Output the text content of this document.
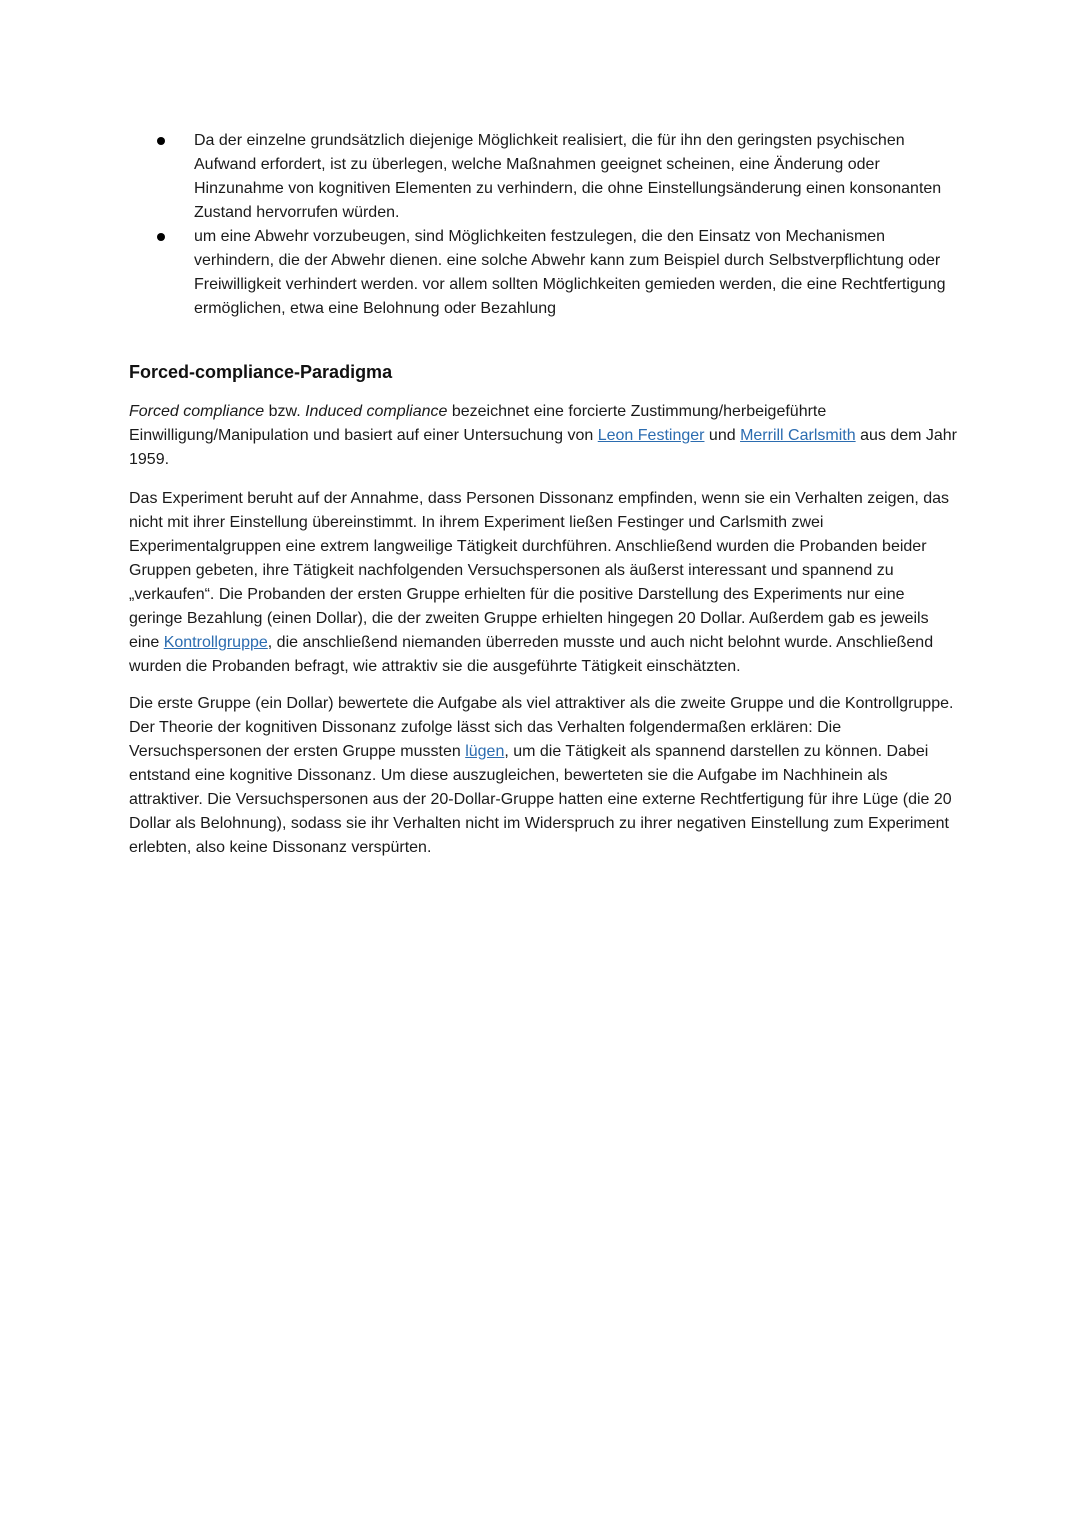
Da der einzelne grundsätzlich diejenige Möglichkeit realisiert, die für ihn den geringsten psychischen Aufwand erfordert, ist zu überlegen, welche Maßnahmen geeignet scheinen, eine Änderung oder Hinzunahme von kognitiven Elementen zu verhindern, die ohne Einstellungsänderung einen konsonanten Zustand hervorrufen würden.
um eine Abwehr vorzubeugen, sind Möglichkeiten festzulegen, die den Einsatz von Mechanismen verhindern, die der Abwehr dienen. eine solche Abwehr kann zum Beispiel durch Selbstverpflichtung oder Freiwilligkeit verhindert werden. vor allem sollten Möglichkeiten gemieden werden, die eine Rechtfertigung ermöglichen, etwa eine Belohnung oder Bezahlung
Forced-compliance-Paradigma

Forced compliance bzw. Induced compliance bezeichnet eine forcierte Zustimmung/herbeigeführte Einwilligung/Manipulation und basiert auf einer Untersuchung von Leon Festinger und Merrill Carlsmith aus dem Jahr 1959.

Das Experiment beruht auf der Annahme, dass Personen Dissonanz empfinden, wenn sie ein Verhalten zeigen, das nicht mit ihrer Einstellung übereinstimmt. In ihrem Experiment ließen Festinger und Carlsmith zwei Experimentalgruppen eine extrem langweilige Tätigkeit durchführen. Anschließend wurden die Probanden beider Gruppen gebeten, ihre Tätigkeit nachfolgenden Versuchspersonen als äußerst interessant und spannend zu „verkaufen“. Die Probanden der ersten Gruppe erhielten für die positive Darstellung des Experiments nur eine geringe Bezahlung (einen Dollar), die der zweiten Gruppe erhielten hingegen 20 Dollar. Außerdem gab es jeweils eine Kontrollgruppe, die anschließend niemanden überreden musste und auch nicht belohnt wurde. Anschließend wurden die Probanden befragt, wie attraktiv sie die ausgeführte Tätigkeit einschätzten.

Die erste Gruppe (ein Dollar) bewertete die Aufgabe als viel attraktiver als die zweite Gruppe und die Kontrollgruppe. Der Theorie der kognitiven Dissonanz zufolge lässt sich das Verhalten folgendermaßen erklären: Die Versuchspersonen der ersten Gruppe mussten lügen, um die Tätigkeit als spannend darstellen zu können. Dabei entstand eine kognitive Dissonanz. Um diese auszugleichen, bewerteten sie die Aufgabe im Nachhinein als attraktiver. Die Versuchspersonen aus der 20-Dollar-Gruppe hatten eine externe Rechtfertigung für ihre Lüge (die 20 Dollar als Belohnung), sodass sie ihr Verhalten nicht im Widerspruch zu ihrer negativen Einstellung zum Experiment erlebten, also keine Dissonanz verspürten.
